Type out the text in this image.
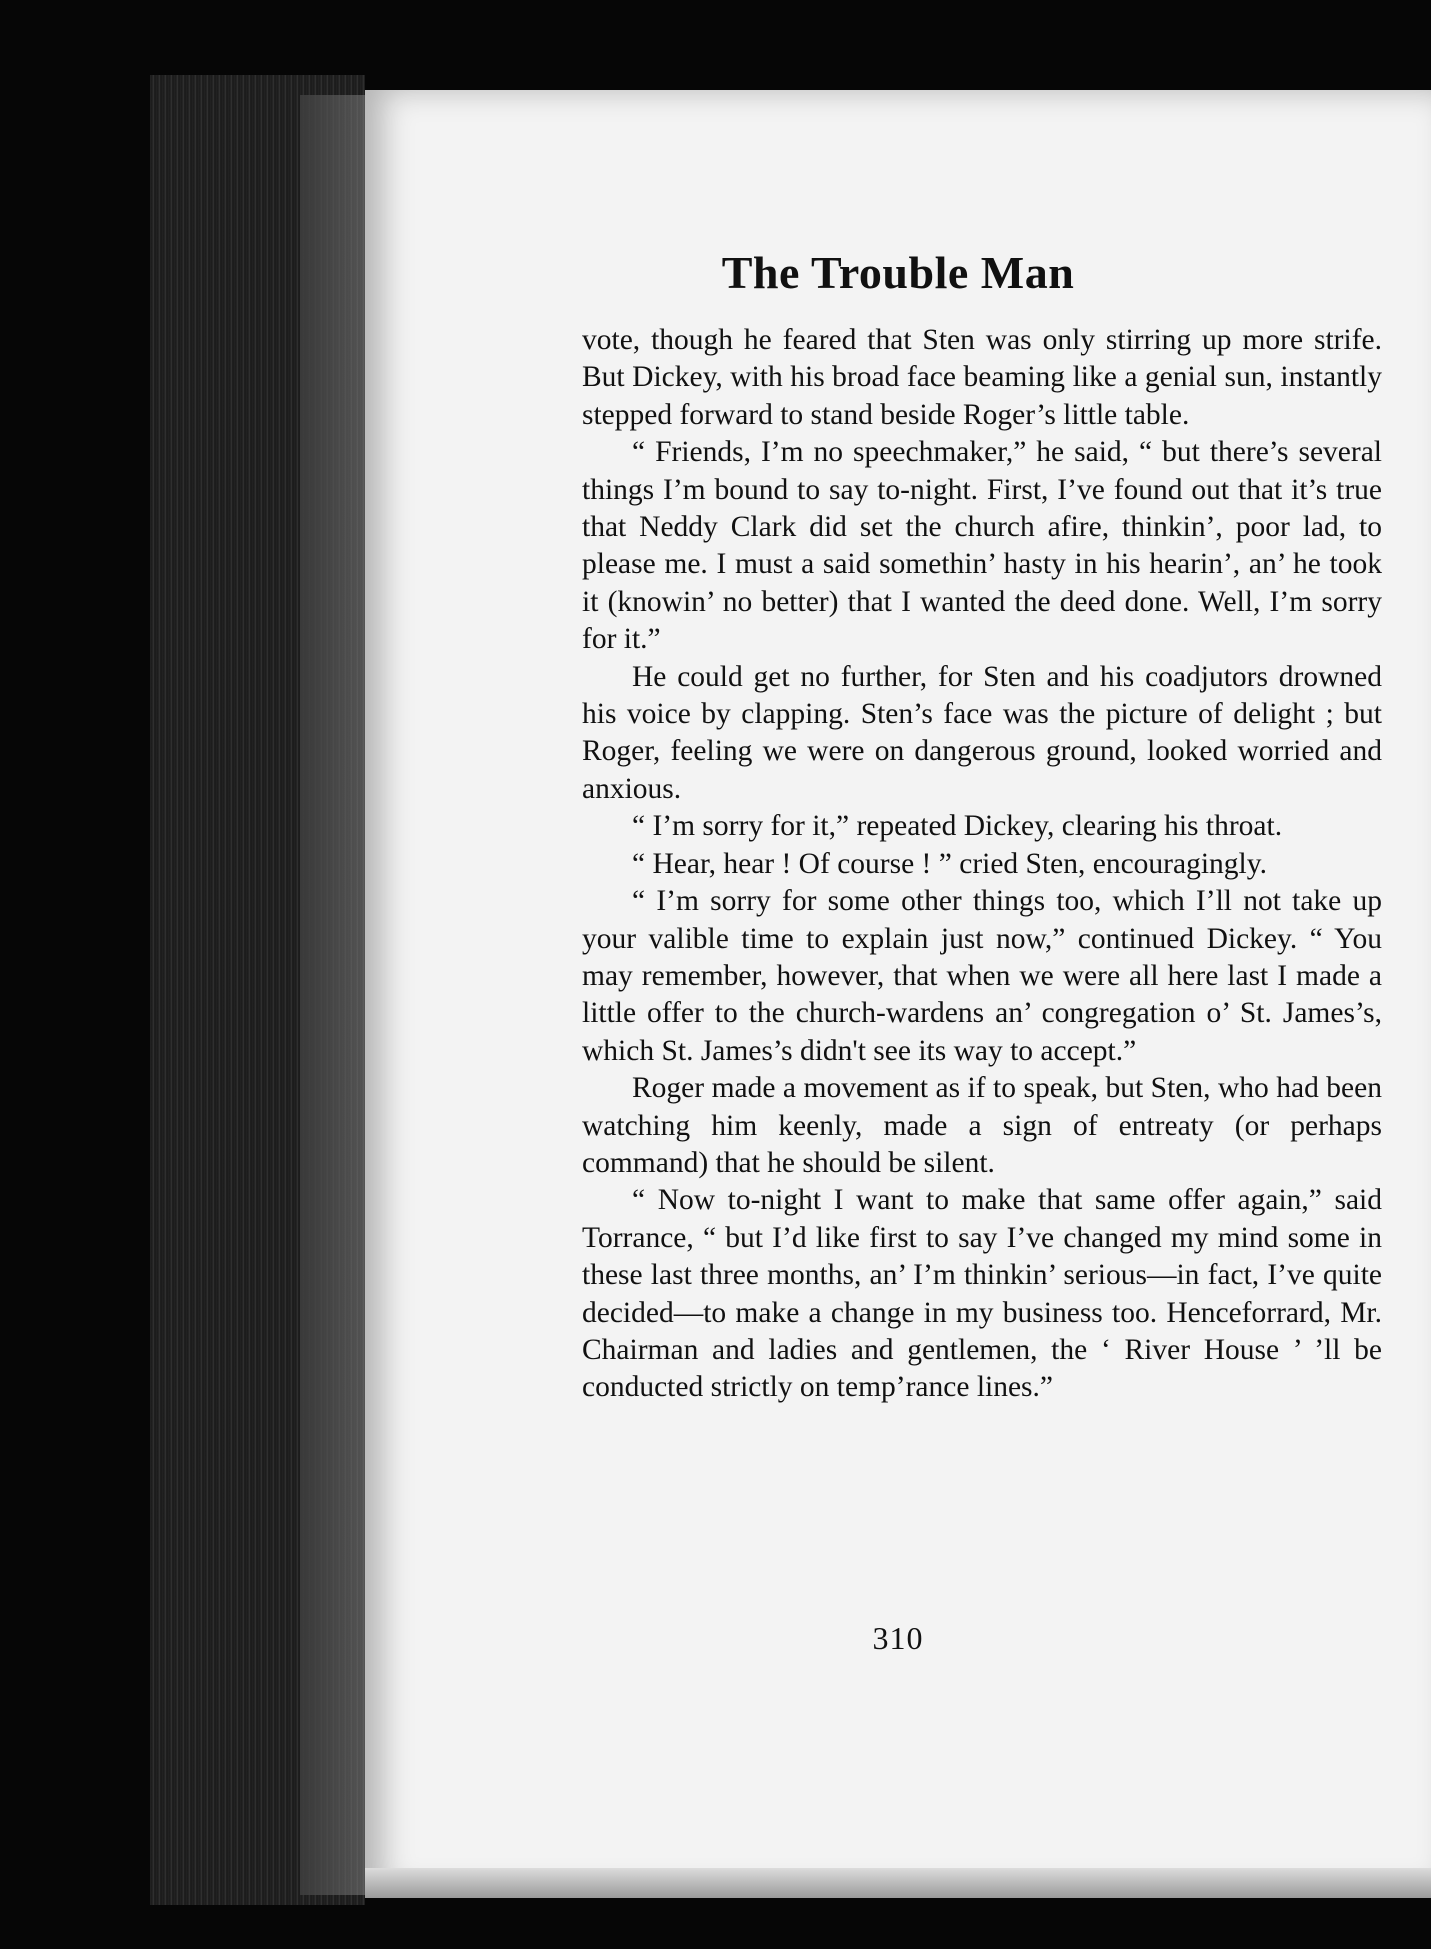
The Trouble Man

vote, though he feared that Sten was only stirring up more strife. But Dickey, with his broad face beaming like a genial sun, instantly stepped forward to stand beside Roger’s little table.

“ Friends, I’m no speechmaker,” he said, “ but there’s several things I’m bound to say to-night. First, I’ve found out that it’s true that Neddy Clark did set the church afire, thinkin’, poor lad, to please me. I must a said somethin’ hasty in his hearin’, an’ he took it (knowin’ no better) that I wanted the deed done. Well, I’m sorry for it.”

He could get no further, for Sten and his coadjutors drowned his voice by clapping. Sten’s face was the picture of delight ; but Roger, feeling we were on dangerous ground, looked worried and anxious.

“ I’m sorry for it,” repeated Dickey, clearing his throat.

“ Hear, hear ! Of course ! ” cried Sten, encouragingly.

“ I’m sorry for some other things too, which I’ll not take up your valible time to explain just now,” continued Dickey. “ You may remember, however, that when we were all here last I made a little offer to the church-wardens an’ congregation o’ St. James’s, which St. James’s didn't see its way to accept.”

Roger made a movement as if to speak, but Sten, who had been watching him keenly, made a sign of entreaty (or perhaps command) that he should be silent.

“ Now to-night I want to make that same offer again,” said Torrance, “ but I’d like first to say I’ve changed my mind some in these last three months, an’ I’m thinkin’ serious—in fact, I’ve quite decided—to make a change in my business too. Henceforrard, Mr. Chairman and ladies and gentlemen, the ‘ River House ’ ’ll be conducted strictly on temp’rance lines.”

310
